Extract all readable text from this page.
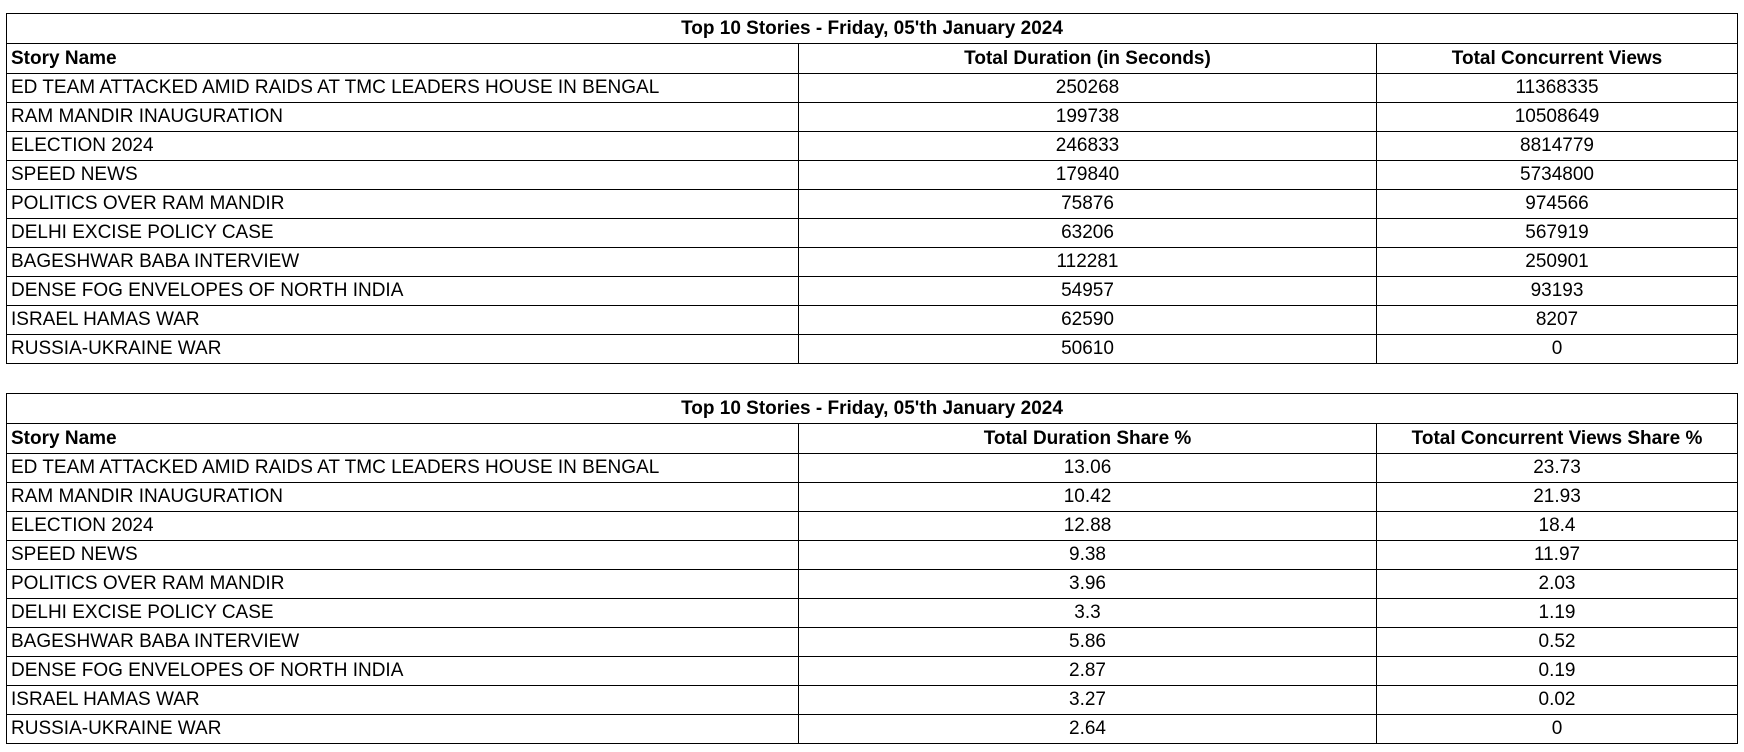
Top 10 Stories - Friday, 05'th January 2024		
Story Name	Total Duration (in Seconds)	Total Concurrent Views
ED TEAM ATTACKED AMID RAIDS AT TMC LEADERS HOUSE IN BENGAL	250268	11368335
RAM MANDIR INAUGURATION	199738	10508649
ELECTION 2024	246833	8814779
SPEED NEWS	179840	5734800
POLITICS OVER RAM MANDIR	75876	974566
DELHI EXCISE POLICY CASE	63206	567919
BAGESHWAR BABA INTERVIEW	112281	250901
DENSE FOG ENVELOPES OF NORTH INDIA	54957	93193
ISRAEL HAMAS WAR	62590	8207
RUSSIA-UKRAINE WAR	50610	0
Top 10 Stories - Friday, 05'th January 2024		
Story Name	Total Duration Share %	Total Concurrent Views Share %
ED TEAM ATTACKED AMID RAIDS AT TMC LEADERS HOUSE IN BENGAL	13.06	23.73
RAM MANDIR INAUGURATION	10.42	21.93
ELECTION 2024	12.88	18.4
SPEED NEWS	9.38	11.97
POLITICS OVER RAM MANDIR	3.96	2.03
DELHI EXCISE POLICY CASE	3.3	1.19
BAGESHWAR BABA INTERVIEW	5.86	0.52
DENSE FOG ENVELOPES OF NORTH INDIA	2.87	0.19
ISRAEL HAMAS WAR	3.27	0.02
RUSSIA-UKRAINE WAR	2.64	0
